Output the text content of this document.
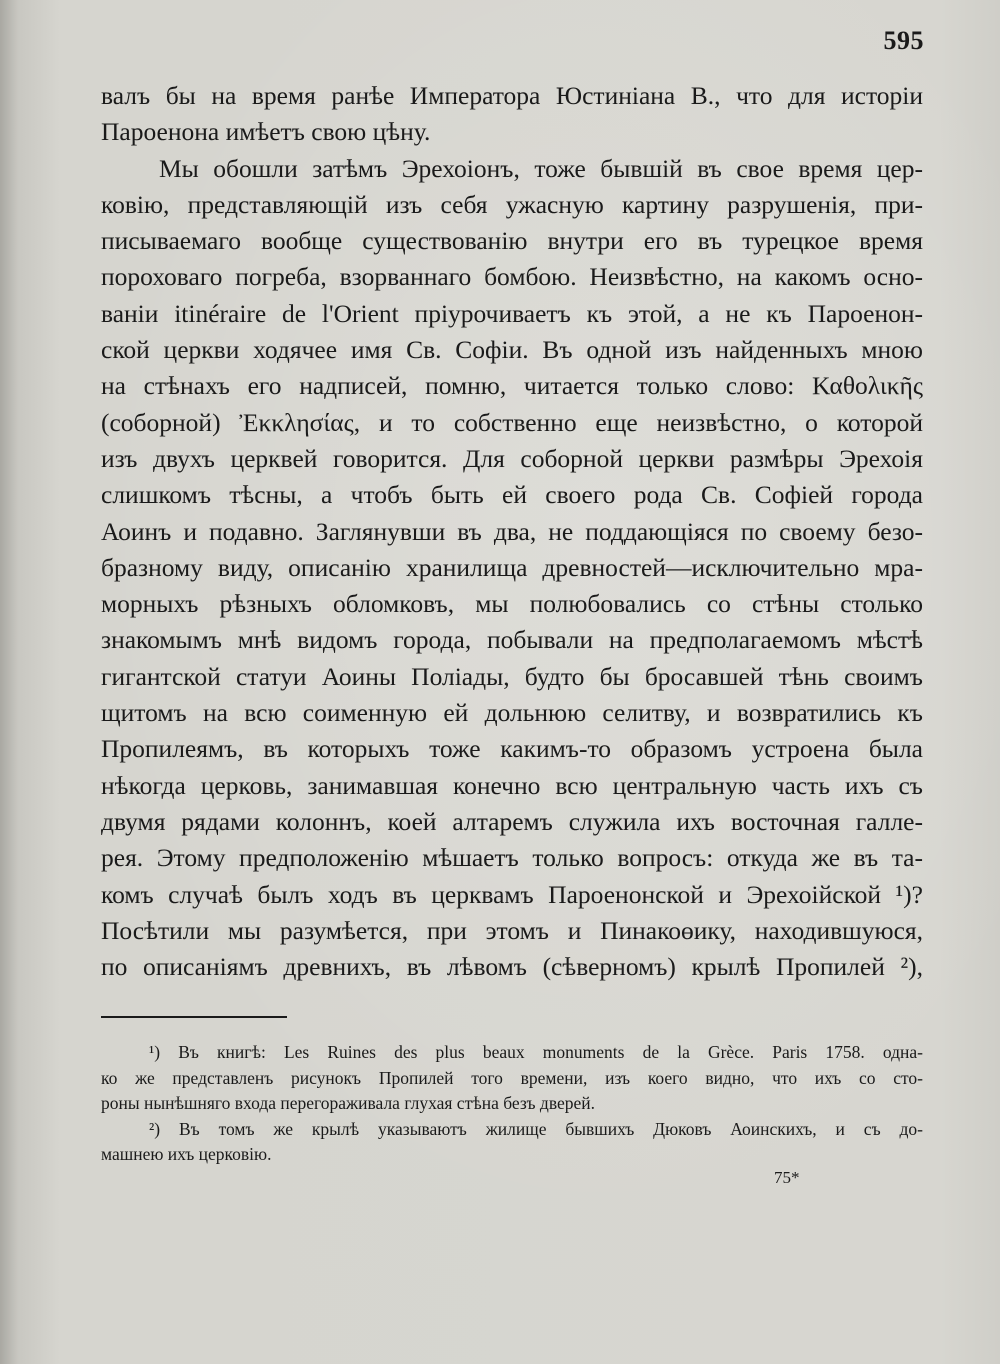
595
валъ бы на время ранѣе Императора Юстиніана В., что для исторіи
Пароенона имѣетъ свою цѣну.
Мы обошли затѣмъ Эрехоіонъ, тоже бывшій въ свое время цер-
ковію, представляющій изъ себя ужасную картину разрушенія, при-
писываемаго вообще существованію внутри его въ турецкое время
пороховаго погреба, взорваннаго бомбою. Неизвѣстно, на какомъ осно-
ваніи itinéraire de l'Orient пріурочиваетъ къ этой, а не къ Пароенон-
ской церкви ходячее имя Св. Софіи. Въ одной изъ найденныхъ мною
на стѣнахъ его надписей, помню, читается только слово: Καθολικῆς
(соборной) Ἐκκλησίας, и то собственно еще неизвѣстно, о которой
изъ двухъ церквей говорится. Для соборной церкви размѣры Эрехоія
слишкомъ тѣсны, а чтобъ быть ей своего рода Св. Софіей города
Аоинъ и подавно. Заглянувши въ два, не поддающіяся по своему безо-
бразному виду, описанію хранилища древностей—исключительно мра-
морныхъ рѣзныхъ обломковъ, мы полюбовались со стѣны столько
знакомымъ мнѣ видомъ города, побывали на предполагаемомъ мѣстѣ
гигантской статуи Аоины Поліады, будто бы бросавшей тѣнь своимъ
щитомъ на всю соименную ей дольнюю селитву, и возвратились къ
Пропилеямъ, въ которыхъ тоже какимъ-то образомъ устроена была
нѣкогда церковь, занимавшая конечно всю центральную часть ихъ съ
двумя рядами колоннъ, коей алтаремъ служила ихъ восточная галле-
рея. Этому предположенію мѣшаетъ только вопросъ: откуда же въ та-
комъ случаѣ былъ ходъ въ церквамъ Пароенонской и Эрехоійской ¹)?
Посѣтили мы разумѣется, при этомъ и Пинакоөику, находившуюся,
по описаніямъ древнихъ, въ лѣвомъ (сѣверномъ) крылѣ Пропилей ²),
¹) Въ книгѣ: Les Ruines des plus beaux monuments de la Grèce. Paris 1758. одна-
ко же представленъ рисунокъ Пропилей того времени, изъ коего видно, что ихъ со сто-
роны нынѣшняго входа перегораживала глухая стѣна безъ дверей.
²) Въ томъ же крылѣ указываютъ жилище бывшихъ Дюковъ Аоинскихъ, и съ до-
машнею ихъ церковію.
75*
